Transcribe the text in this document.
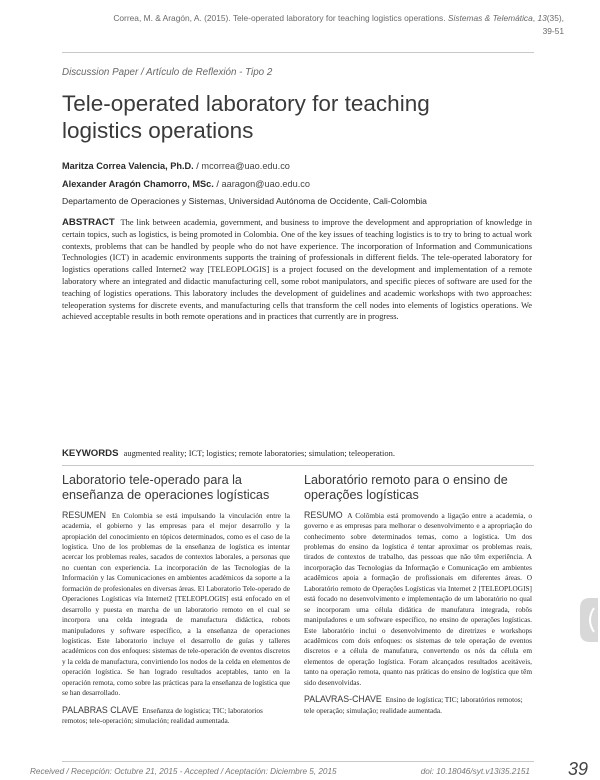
Correa, M. & Aragón, A. (2015). Tele-operated laboratory for teaching logistics operations. Sistemas & Telemática, 13(35),
39-51
Discussion Paper / Artículo de Reflexión - Tipo 2
Tele-operated laboratory for teaching logistics operations
Maritza Correa Valencia, Ph.D. / mcorrea@uao.edu.co
Alexander Aragón Chamorro, MSc. / aaragon@uao.edu.co
Departamento de Operaciones y Sistemas, Universidad Autónoma de Occidente, Cali-Colombia

ABSTRACT The link between academia, government, and business to improve the development and appropriation of knowledge in certain topics, such as logistics, is being promoted in Colombia. One of the key issues of teaching logistics is to try to bring to actual work contexts, problems that can be handled by people who do not have experience. The incorporation of Information and Communications Technologies (ICT) in academic environments supports the training of professionals in different fields. The tele-operated laboratory for logistics operations called Internet2 way [TELEOPLOGIS] is a project focused on the development and implementation of a remote laboratory where an integrated and didactic manufacturing cell, some robot manipulators, and specific pieces of software are used for the teaching of logistics operations. This laboratory includes the development of guidelines and academic workshops with two approaches: teleoperation systems for discrete events, and manufacturing cells that transform the cell nodes into elements of logistics operations. We achieved acceptable results in both remote operations and in practices that currently are in progress.

KEYWORDS augmented reality; ICT; logistics; remote laboratories; simulation; teleoperation.
Laboratorio tele-operado para la enseñanza de operaciones logísticas

RESUMEN En Colombia se está impulsando la vinculación entre la academia, el gobierno y las empresas para el mejor desarrollo y la apropiación del conocimiento en tópicos determinados, como es el caso de la logística. Uno de los problemas de la enseñanza de logística es intentar acercar los problemas reales, sacados de contextos laborales, a personas que no cuentan con experiencia. La incorporación de las Tecnologías de la Información y las Comunicaciones en ambientes académicos da soporte a la formación de profesionales en diversas áreas. El Laboratorio Tele-operado de Operaciones Logísticas vía Internet2 [TELEOPLOGIS] está enfocado en el desarrollo y puesta en marcha de un laboratorio remoto en el cual se incorpora una celda integrada de manufactura didáctica, robots manipuladores y software específico, a la enseñanza de operaciones logísticas. Este laboratorio incluye el desarrollo de guías y talleres académicos con dos enfoques: sistemas de tele-operación de eventos discretos y la celda de manufactura, convirtiendo los nodos de la celda en elementos de operación logística. Se han logrado resultados aceptables, tanto en la operación remota, como sobre las prácticas para la enseñanza de logística que se han desarrollado.

PALABRAS CLAVE Enseñanza de logística; TIC; laboratorios remotos; tele-operación; simulación; realidad aumentada.

Laboratório remoto para o ensino de operações logísticas

RESUMO A Colômbia está promovendo a ligação entre a academia, o governo e as empresas para melhorar o desenvolvimento e a apropriação do conhecimento sobre determinados temas, como a logística. Um dos problemas do ensino da logística é tentar aproximar os problemas reais, tirados de contextos de trabalho, das pessoas que não têm experiência. A incorporação das Tecnologias da Informação e Comunicação em ambientes acadêmicos apoia a formação de profissionais em diferentes áreas. O Laboratório remoto de Operações Logísticas via Internet 2 [TELEOPLOGIS] está focado no desenvolvimento e implementação de um laboratório no qual se incorporam uma célula didática de manufatura integrada, robôs manipuladores e um software específico, no ensino de operações logísticas. Este laboratório inclui o desenvolvimento de diretrizes e workshops acadêmicos com dois enfoques: os sistemas de tele operação de eventos discretos e a célula de manufatura, convertendo os nós da célula em elementos de operação logística. Foram alcançados resultados aceitáveis, tanto na operação remota, quanto nas práticas do ensino de logística que têm sido desenvolvidas.

PALAVRAS-CHAVE Ensino de logística; TIC; laboratórios remotos; tele operação; simulação; realidade aumentada.

Received / Recepción: Octubre 21, 2015 - Accepted / Aceptación: Diciembre 5, 2015	doi: 10.18046/syt.v13i35.2151 39
